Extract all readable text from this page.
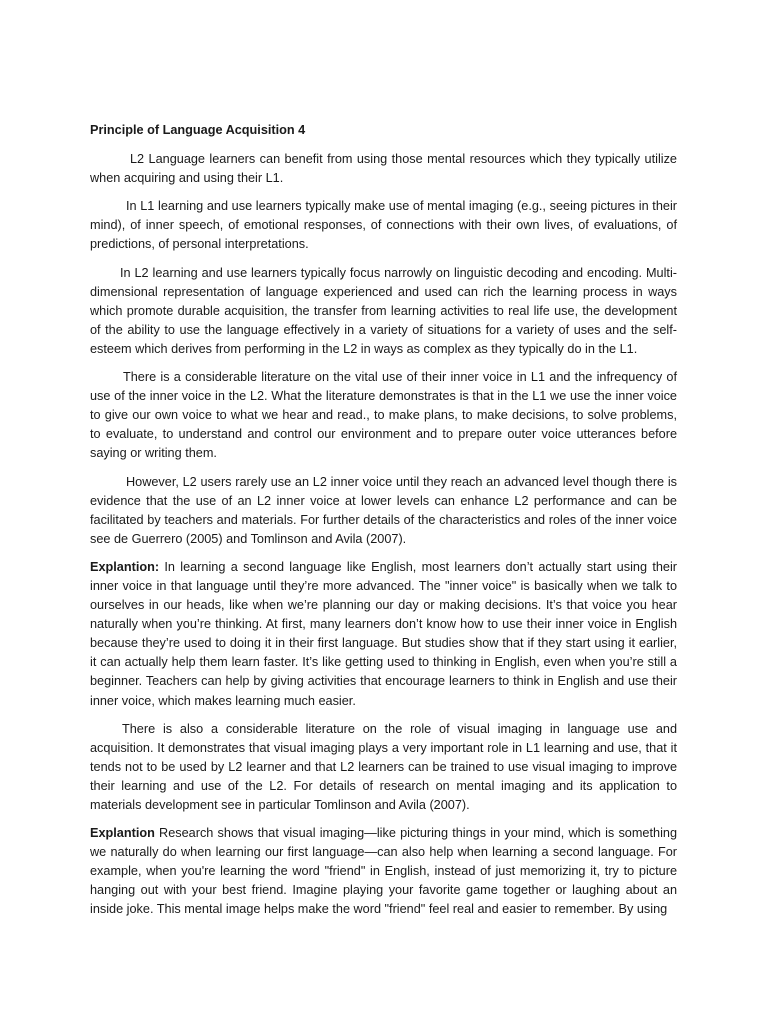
Principle of Language Acquisition 4

L2 Language learners can benefit from using those mental resources which they typically utilize when acquiring and using their L1.

In L1 learning and use learners typically make use of mental imaging (e.g., seeing pictures in their mind), of inner speech, of emotional responses, of connections with their own lives, of evaluations, of predictions, of personal interpretations.

In L2 learning and use learners typically focus narrowly on linguistic decoding and encoding. Multi-dimensional representation of language experienced and used can rich the learning process in ways which promote durable acquisition, the transfer from learning activities to real life use, the development of the ability to use the language effectively in a variety of situations for a variety of uses and the self-esteem which derives from performing in the L2 in ways as complex as they typically do in the L1.

There is a considerable literature on the vital use of their inner voice in L1 and the infrequency of use of the inner voice in the L2. What the literature demonstrates is that in the L1 we use the inner voice to give our own voice to what we hear and read., to make plans, to make decisions, to solve problems, to evaluate, to understand and control our environment and to prepare outer voice utterances before saying or writing them.

However, L2 users rarely use an L2 inner voice until they reach an advanced level though there is evidence that the use of an L2 inner voice at lower levels can enhance L2 performance and can be facilitated by teachers and materials. For further details of the characteristics and roles of the inner voice see de Guerrero (2005) and Tomlinson and Avila (2007).

Explantion: In learning a second language like English, most learners don’t actually start using their inner voice in that language until they’re more advanced. The "inner voice" is basically when we talk to ourselves in our heads, like when we’re planning our day or making decisions. It’s that voice you hear naturally when you’re thinking. At first, many learners don’t know how to use their inner voice in English because they’re used to doing it in their first language. But studies show that if they start using it earlier, it can actually help them learn faster. It’s like getting used to thinking in English, even when you’re still a beginner. Teachers can help by giving activities that encourage learners to think in English and use their inner voice, which makes learning much easier.

There is also a considerable literature on the role of visual imaging in language use and acquisition. It demonstrates that visual imaging plays a very important role in L1 learning and use, that it tends not to be used by L2 learner and that L2 learners can be trained to use visual imaging to improve their learning and use of the L2. For details of research on mental imaging and its application to materials development see in particular Tomlinson and Avila (2007).

Explantion Research shows that visual imaging—like picturing things in your mind, which is something we naturally do when learning our first language—can also help when learning a second language. For example, when you're learning the word "friend" in English, instead of just memorizing it, try to picture hanging out with your best friend. Imagine playing your favorite game together or laughing about an inside joke. This mental image helps make the word "friend" feel real and easier to remember. By using
